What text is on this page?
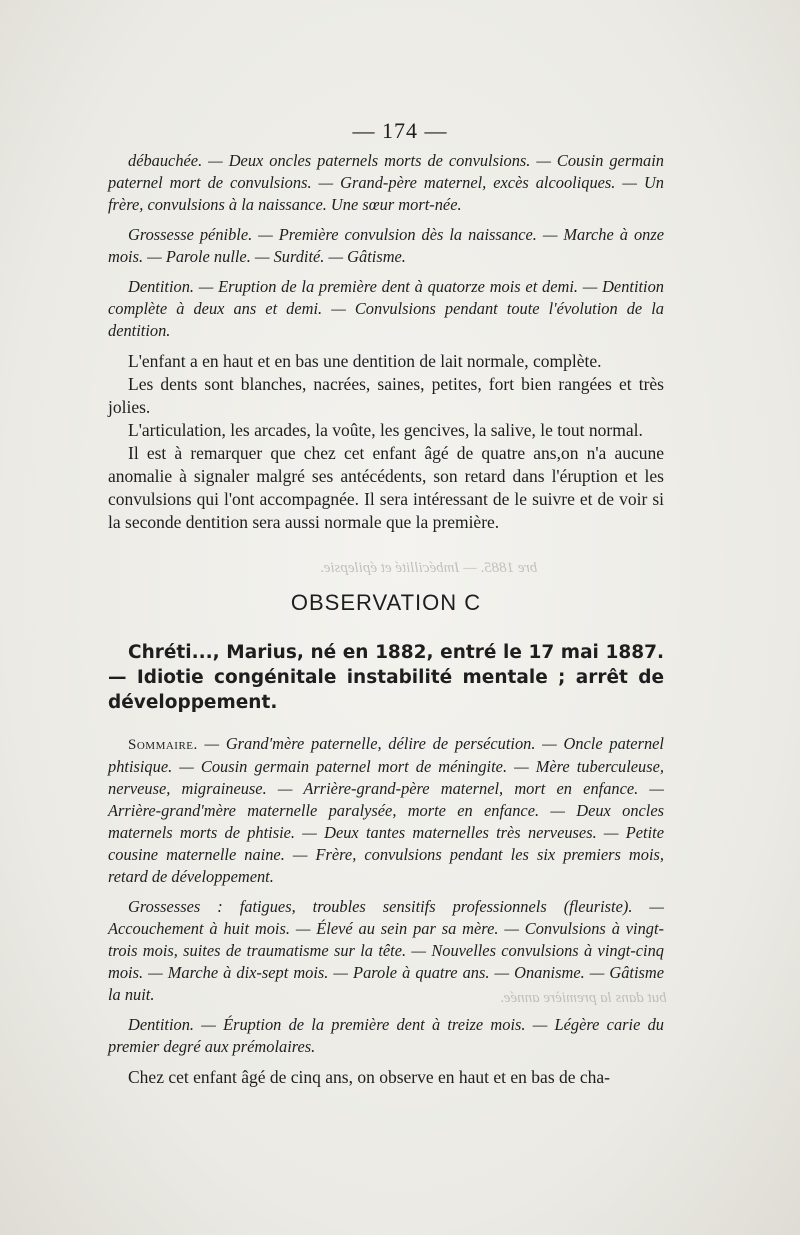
bre 1885. — Imbécillité et épilepsie.
but dans la première année.
— 174 —

débauchée. — Deux oncles paternels morts de convulsions. — Cousin germain paternel mort de convulsions. — Grand-père maternel, excès alcooliques. — Un frère, convulsions à la naissance. Une sœur mort-née.

Grossesse pénible. — Première convulsion dès la naissance. — Marche à onze mois. — Parole nulle. — Surdité. — Gâtisme.

Dentition. — Eruption de la première dent à quatorze mois et demi. — Dentition complète à deux ans et demi. — Convulsions pendant toute l'évolution de la dentition.

L'enfant a en haut et en bas une dentition de lait normale, complète.

Les dents sont blanches, nacrées, saines, petites, fort bien rangées et très jolies.

L'articulation, les arcades, la voûte, les gencives, la salive, le tout normal.

Il est à remarquer que chez cet enfant âgé de quatre ans,on n'a aucune anomalie à signaler malgré ses antécédents, son retard dans l'éruption et les convulsions qui l'ont accompagnée. Il sera intéressant de le suivre et de voir si la seconde dentition sera aussi normale que la première.

OBSERVATION C

Chréti..., Marius, né en 1882, entré le 17 mai 1887. — Idiotie congénitale instabilité mentale ; arrêt de développement.

Sommaire. — Grand'mère paternelle, délire de persécution. — Oncle paternel phtisique. — Cousin germain paternel mort de méningite. — Mère tuberculeuse, nerveuse, migraineuse. — Arrière-grand-père maternel, mort en enfance. — Arrière-grand'mère maternelle paralysée, morte en enfance. — Deux oncles maternels morts de phtisie. — Deux tantes maternelles très nerveuses. — Petite cousine maternelle naine. — Frère, convulsions pendant les six premiers mois, retard de développement.

Grossesses : fatigues, troubles sensitifs professionnels (fleuriste). — Accouchement à huit mois. — Élevé au sein par sa mère. — Convulsions à vingt-trois mois, suites de traumatisme sur la tête. — Nouvelles convulsions à vingt-cinq mois. — Marche à dix-sept mois. — Parole à quatre ans. — Onanisme. — Gâtisme la nuit.

Dentition. — Éruption de la première dent à treize mois. — Légère carie du premier degré aux prémolaires.

Chez cet enfant âgé de cinq ans, on observe en haut et en bas de cha-
